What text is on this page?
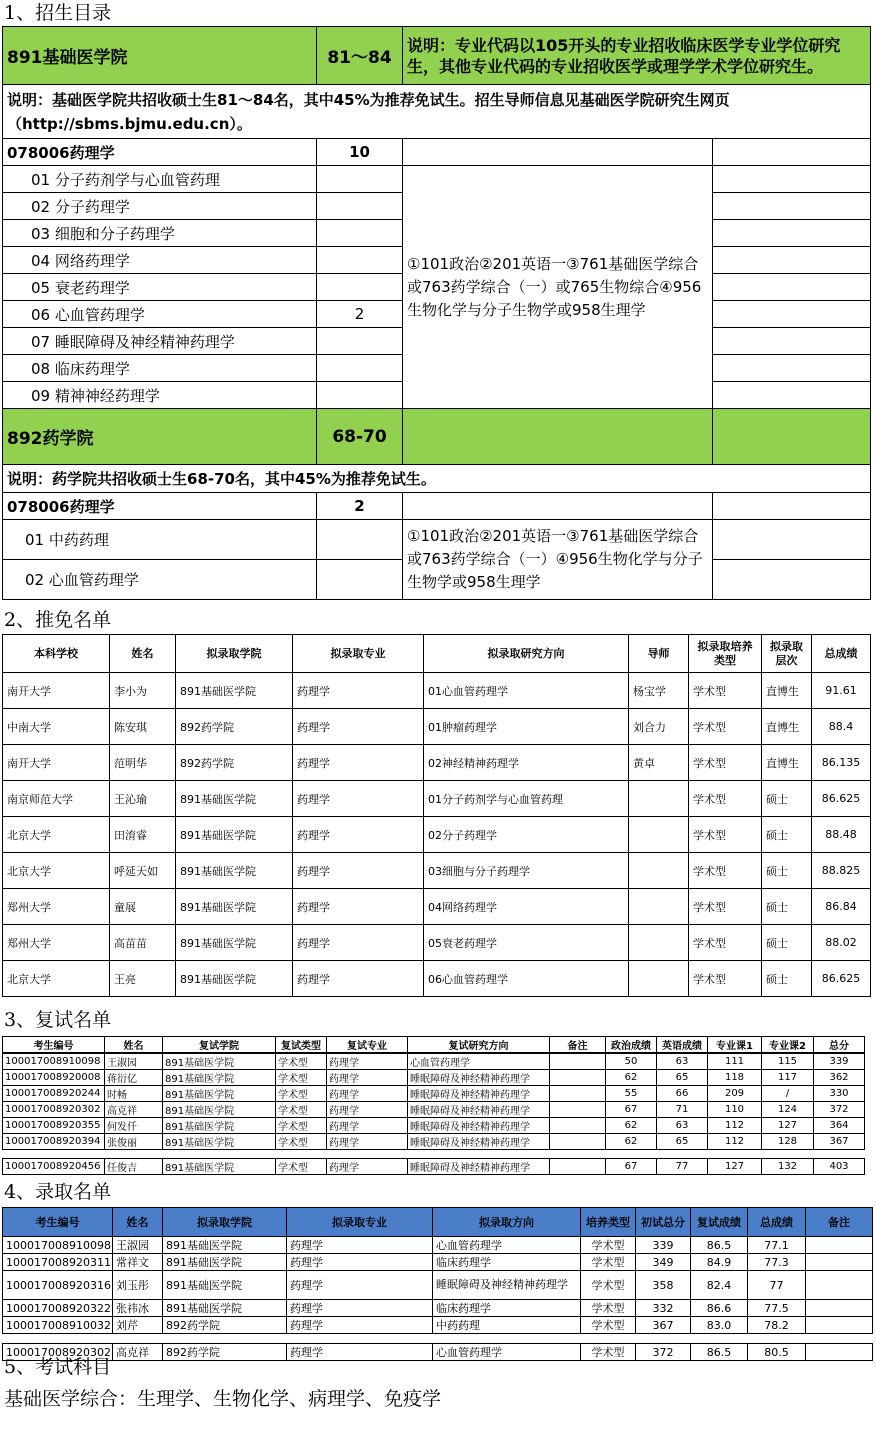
1、招生目录
891基础医学院	81～84	说明：专业代码以105开头的专业招收临床医学专业学位研究生，其他专业代码的专业招收医学或理学学术学位研究生。	
说明：基础医学院共招收硕士生81～84名，其中45%为推荐免试生。招生导师信息见基础医学院研究生网页（http://sbms.bjmu.edu.cn）。			
078006药理学	10		
01 分子药剂学与心血管药理		①101政治②201英语一③761基础医学综合或763药学综合（一）或765生物综合④956生物化学与分子生物学或958生理学	
02 分子药理学			
03 细胞和分子药理学			
04 网络药理学			
05 衰老药理学			
06 心血管药理学	2		
07 睡眠障碍及神经精神药理学			
08 临床药理学			
09 精神神经药理学			
892药学院	68-70		
说明：药学院共招收硕士生68-70名，其中45%为推荐免试生。			
078006药理学	2		
01 中药药理		①101政治②201英语一③761基础医学综合或763药学综合（一）④956生物化学与分子生物学或958生理学	
02 心血管药理学			
2、推免名单
本科学校	姓名	拟录取学院	拟录取专业	拟录取研究方向	导师	拟录取培养类型	拟录取层次	总成绩
南开大学	李小为	891基础医学院	药理学	01心血管药理学	杨宝学	学术型	直博生	91.61
中南大学	陈安琪	892药学院	药理学	01肿瘤药理学	刘合力	学术型	直博生	88.4
南开大学	范明华	892药学院	药理学	02神经精神药理学	黄卓	学术型	直博生	86.135
南京师范大学	王沁瑜	891基础医学院	药理学	01分子药剂学与心血管药理		学术型	硕士	86.625
北京大学	田淯睿	891基础医学院	药理学	02分子药理学		学术型	硕士	88.48
北京大学	呼延天如	891基础医学院	药理学	03细胞与分子药理学		学术型	硕士	88.825
郑州大学	童展	891基础医学院	药理学	04网络药理学		学术型	硕士	86.84
郑州大学	高苗苗	891基础医学院	药理学	05衰老药理学		学术型	硕士	88.02
北京大学	王亮	891基础医学院	药理学	06心血管药理学		学术型	硕士	86.625
3、复试名单
考生编号	姓名	复试学院	复试类型	复试专业	复试研究方向	备注	政治成绩	英语成绩	专业课1	专业课2	总分
100017008910098	王淑园	891基础医学院	学术型	药理学	心血管药理学		50	63	111	115	339
100017008920008	蒋衍亿	891基础医学院	学术型	药理学	睡眠障碍及神经精神药理学		62	65	118	117	362
100017008920244	时畅	891基础医学院	学术型	药理学	睡眠障碍及神经精神药理学		55	66	209	/	330
100017008920302	高克祥	891基础医学院	学术型	药理学	睡眠障碍及神经精神药理学		67	71	110	124	372
100017008920355	何发仟	891基础医学院	学术型	药理学	睡眠障碍及神经精神药理学		62	63	112	127	364
100017008920394	张俊丽	891基础医学院	学术型	药理学	睡眠障碍及神经精神药理学		62	65	112	128	367

100017008920456	任俊吉	891基础医学院	学术型	药理学	睡眠障碍及神经精神药理学		67	77	127	132	403
4、录取名单
考生编号	姓名	拟录取学院	拟录取专业	拟录取方向	培养类型	初试总分	复试成绩	总成绩	备注
100017008910098	王淑园	891基础医学院	药理学	心血管药理学	学术型	339	86.5	77.1	
100017008920311	常祥文	891基础医学院	药理学	临床药理学	学术型	349	84.9	77.3	
100017008920316	刘玉彤	891基础医学院	药理学	睡眠障碍及神经精神药理学	学术型	358	82.4	77	
100017008920322	张祎冰	891基础医学院	药理学	临床药理学	学术型	332	86.6	77.5	
100017008910032	刘芹	892药学院	药理学	中药药理	学术型	367	83.0	78.2	

100017008920302	高克祥	892药学院	药理学	心血管药理学	学术型	372	86.5	80.5	
5、考试科目
基础医学综合：生理学、生物化学、病理学、免疫学
